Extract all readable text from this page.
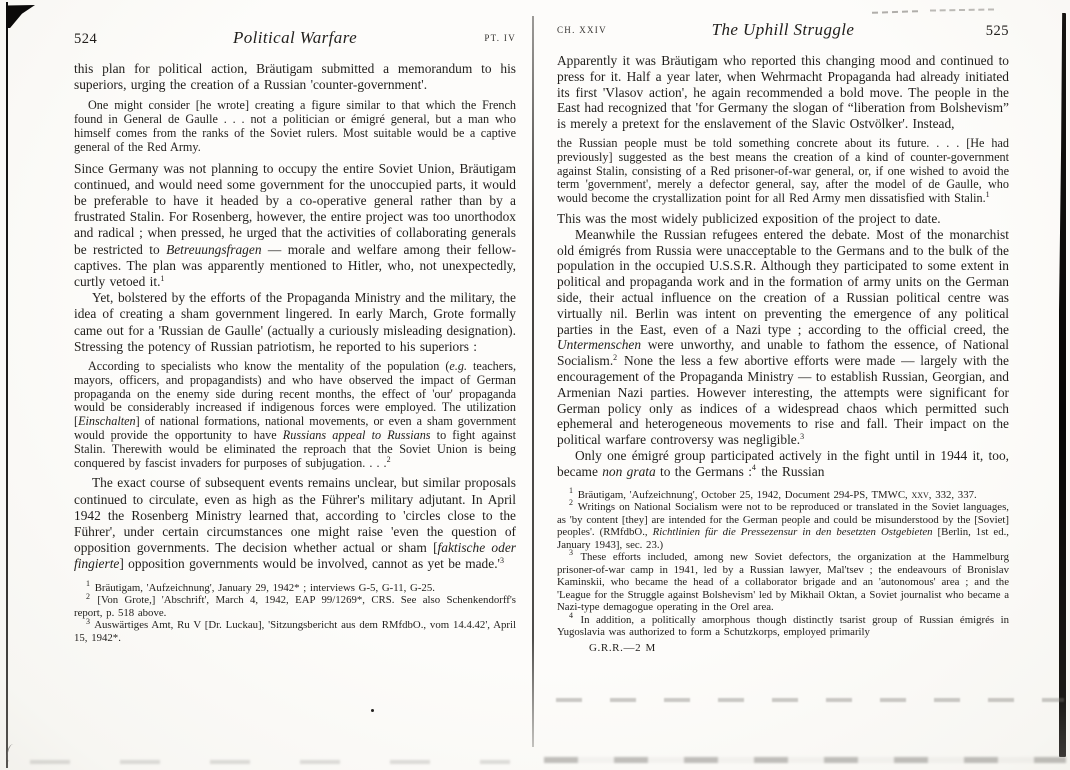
524	Political Warfare	PT. IV

this plan for political action, Bräutigam submitted a memorandum to his superiors, urging the creation of a Russian 'counter-government'.

One might consider [he wrote] creating a figure similar to that which the French found in General de Gaulle . . . not a politician or émigré general, but a man who himself comes from the ranks of the Soviet rulers. Most suitable would be a captive general of the Red Army.

Since Germany was not planning to occupy the entire Soviet Union, Bräutigam continued, and would need some government for the unoccupied parts, it would be preferable to have it headed by a co-operative general rather than by a frustrated Stalin. For Rosenberg, however, the entire project was too unorthodox and radical ; when pressed, he urged that the activities of collaborating generals be restricted to Betreuungsfragen — morale and welfare among their fellow-captives. The plan was apparently mentioned to Hitler, who, not unexpectedly, curtly vetoed it.$^1$

Yet, bolstered by the efforts of the Propaganda Ministry and the military, the idea of creating a sham government lingered. In early March, Grote formally came out for a 'Russian de Gaulle' (actually a curiously misleading designation). Stressing the potency of Russian patriotism, he reported to his superiors :

According to specialists who know the mentality of the population (e.g. teachers, mayors, officers, and propagandists) and who have observed the impact of German propaganda on the enemy side during recent months, the effect of 'our' propaganda would be considerably increased if indigenous forces were employed. The utilization [Einschalten] of national formations, national movements, or even a sham government would provide the opportunity to have Russians appeal to Russians to fight against Stalin. Therewith would be eliminated the reproach that the Soviet Union is being conquered by fascist invaders for purposes of subjugation. . . .$^2$

The exact course of subsequent events remains unclear, but similar proposals continued to circulate, even as high as the Führer's military adjutant. In April 1942 the Rosenberg Ministry learned that, according to 'circles close to the Führer', under certain circumstances one might raise 'even the question of opposition governments. The decision whether actual or sham [faktische oder fingierte] opposition governments would be involved, cannot as yet be $made.'^3$

$^1$ Bräutigam, 'Aufzeichnung', January 29, 1942* ; interviews G-5, G-11, G-25.

$^2$ [Von Grote,] 'Abschrift', March 4, 1942, EAP 99/1269*, CRS. See also Schenkendorff's report, p. 518 above.

$^3$ Auswärtiges Amt, Ru V [Dr. Luckau], 'Sitzungsbericht aus dem RMfdbO., vom 14.4.42', April 15, 1942*.

CH. XXIV	The Uphill Struggle	525

Apparently it was Bräutigam who reported this changing mood and continued to press for it. Half a year later, when Wehrmacht Propaganda had already initiated its first 'Vlasov action', he again recommended a bold move. The people in the East had recognized that 'for Germany the slogan of “liberation from Bolshevism” is merely a pretext for the enslavement of the Slavic Ostvölker'. Instead,

the Russian people must be told something concrete about its future. . . . [He had previously] suggested as the best means the creation of a kind of counter-government against Stalin, consisting of a Red prisoner-of-war general, or, if one wished to avoid the term 'government', merely a defector general, say, after the model of de Gaulle, who would become the crystallization point for all Red Army men dissatisfied with Stalin.$^1$

This was the most widely publicized exposition of the project to date.

Meanwhile the Russian refugees entered the debate. Most of the monarchist old émigrés from Russia were unacceptable to the Germans and to the bulk of the population in the occupied U.S.S.R. Although they participated to some extent in political and propaganda work and in the formation of army units on the German side, their actual influence on the creation of a Russian political centre was virtually nil. Berlin was intent on preventing the emergence of any political parties in the East, even of a Nazi type ; according to the official creed, the Untermenschen were unworthy, and unable to fathom the essence, of National Socialism.$^2$ None the less a few abortive efforts were made — largely with the encouragement of the Propaganda Ministry — to establish Russian, Georgian, and Armenian Nazi parties. However interesting, the attempts were significant for German policy only as indices of a widespread chaos which permitted such ephemeral and heterogeneous movements to rise and fall. Their impact on the political warfare controversy was negligible.$^3$

Only one émigré group participated actively in the fight until in 1944 it, too, became non grata to the Germans :$^4$ the Russian

$^1$ Bräutigam, 'Aufzeichnung', October 25, 1942, Document 294-PS, TMWC, xxv, 332, 337.

$^2$ Writings on National Socialism were not to be reproduced or translated in the Soviet languages, as 'by content [they] are intended for the German people and could be misunderstood by the [Soviet] peoples'. (RMfdbO., Richtlinien für die Pressezensur in den besetzten Ostgebieten [Berlin, 1st ed., January 1943], sec. 23.)

$^3$ These efforts included, among new Soviet defectors, the organization at the Hammelburg prisoner-of-war camp in 1941, led by a Russian lawyer, Mal'tsev ; the endeavours of Bronislav Kaminskii, who became the head of a collaborator brigade and an 'autonomous' area ; and the 'League for the Struggle against Bolshevism' led by Mikhail Oktan, a Soviet journalist who became a Nazi-type demagogue operating in the Orel area.

$^4$ In addition, a politically amorphous though distinctly tsarist group of Russian émigrés in Yugoslavia was authorized to form a Schutzkorps, employed primarily

G.R.R.—2 M
